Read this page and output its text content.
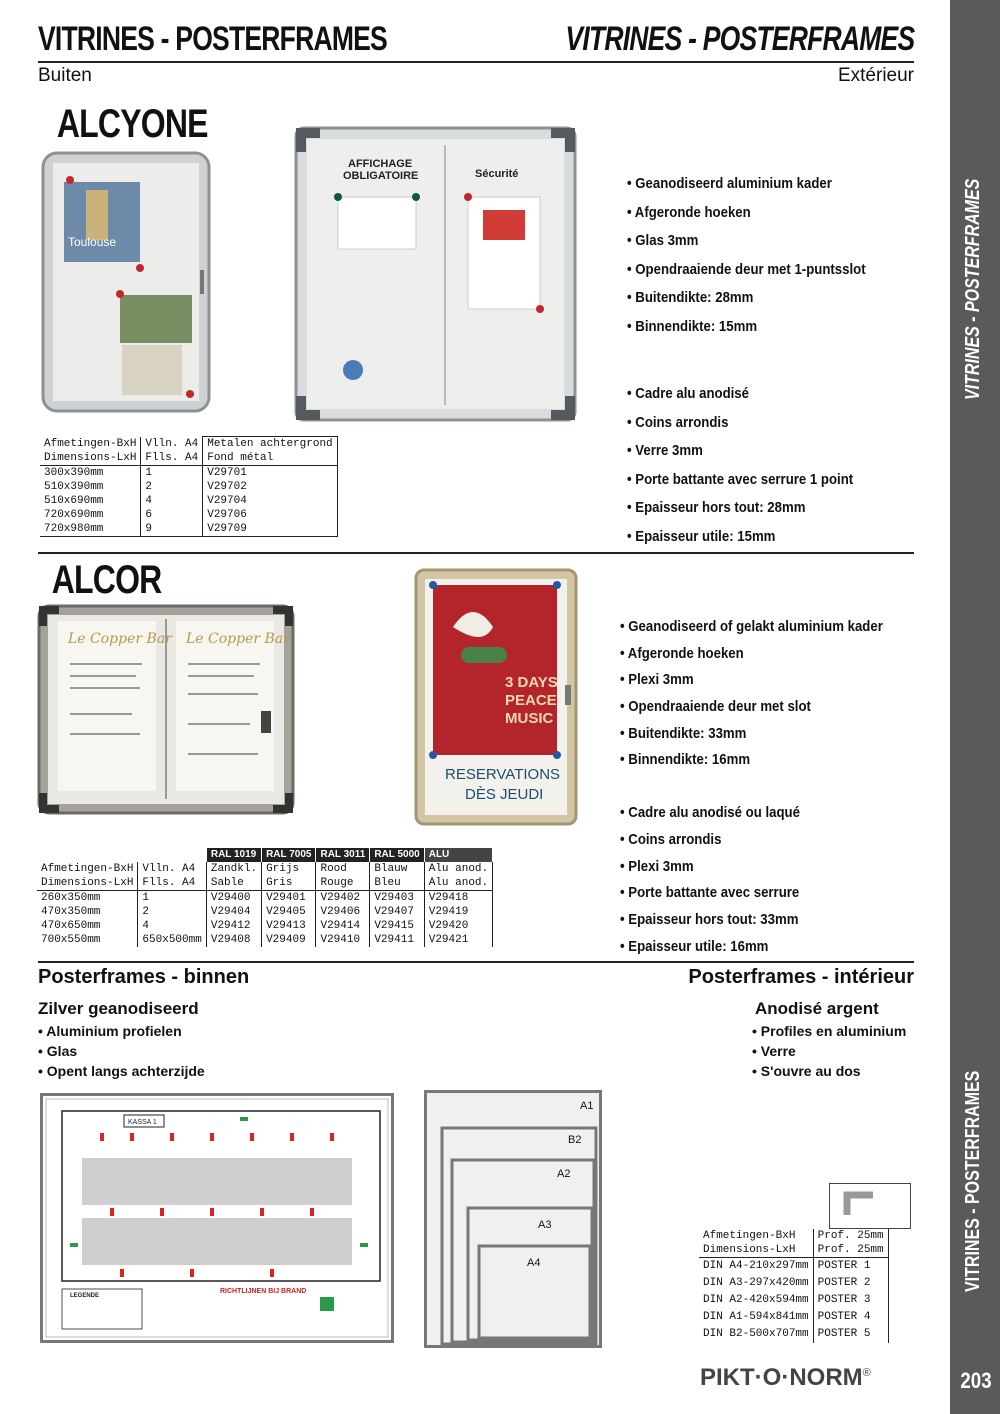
VITRINES - POSTERFRAMES	VITRINES - POSTERFRAMES
Buiten	Extérieur
VITRINES - POSTERFRAMES
VITRINES - POSTERFRAMES
203
ALCYONE
Toulouse
AFFICHAGE
OBLIGATOIRE	Sécurité
• Geanodiseerd aluminium kader
• Afgeronde hoeken
• Glas 3mm
• Opendraaiende deur met 1-puntsslot
• Buitendikte: 28mm
• Binnendikte: 15mm
• Cadre alu anodisé
• Coins arrondis
• Verre 3mm
• Porte battante avec serrure 1 point
• Epaisseur hors tout: 28mm
• Epaisseur utile: 15mm
Afmetingen-BxH	Vlln. A4	Metalen achtergrond
Dimensions-LxH	Flls. A4	Fond métal
300x390mm	1	V29701
510x390mm	2	V29702
510x690mm	4	V29704
720x690mm	6	V29706
720x980mm	9	V29709
ALCOR
Le Copper Bar Le Copper Bar
3 DAYS
PEACE
MUSIC
RESERVATIONS
DÈS JEUDI
• Geanodiseerd of gelakt aluminium kader
• Afgeronde hoeken
• Plexi 3mm
• Opendraaiende deur met slot
• Buitendikte: 33mm
• Binnendikte: 16mm
• Cadre alu anodisé ou laqué
• Coins arrondis
• Plexi 3mm
• Porte battante avec serrure
• Epaisseur hors tout: 33mm
• Epaisseur utile: 16mm
		RAL 1019	RAL 7005	RAL 3011	RAL 5000	ALU
Afmetingen-BxH	Vlln. A4	Zandkl.	Grijs	Rood	Blauw	Alu anod.
Dimensions-LxH	Flls. A4	Sable	Gris	Rouge	Bleu	Alu anod.
260x350mm	1	V29400	V29401	V29402	V29403	V29418
470x350mm	2	V29404	V29405	V29406	V29407	V29419
470x650mm	4	V29412	V29413	V29414	V29415	V29420
700x550mm	650x500mm	V29408	V29409	V29410	V29411	V29421
Posterframes - binnen	Posterframes - intérieur
Zilver geanodiseerd	Anodisé argent
• Aluminium profielen
• Glas
• Opent langs achterzijde
• Profiles en aluminium
• Verre
• S'ouvre au dos
KASSA 1
LEGENDE
RICHTLIJNEN BIJ BRAND
A1
B2
A2
A3
A4
Afmetingen-BxH	Prof. 25mm
Dimensions-LxH	Prof. 25mm
DIN A4-210x297mm	POSTER 1
DIN A3-297x420mm	POSTER 2
DIN A2-420x594mm	POSTER 3
DIN A1-594x841mm	POSTER 4
DIN B2-500x707mm	POSTER 5
PIKT·O·NORM®
